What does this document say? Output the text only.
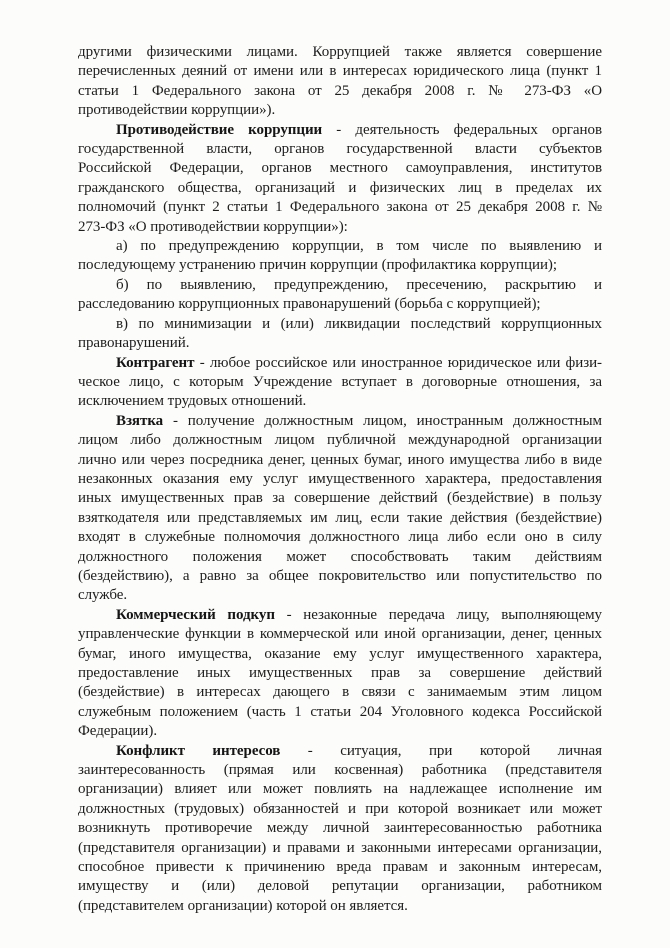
другими физическими лицами. Коррупцией также является совершение
перечисленных деяний от имени или в интересах юридического лица (пункт 1
статьи 1 Федерального закона от 25 декабря 2008 г. № 273-ФЗ «О
противодействии коррупции»).
Противодействие коррупции - деятельность федеральных органов
государственной власти, органов государственной власти субъектов
Российской Федерации, органов местного самоуправления, институтов
гражданского общества, организаций и физических лиц в пределах их
полномочий (пункт 2 статьи 1 Федерального закона от 25 декабря 2008 г. №
273-ФЗ «О противодействии коррупции»):
а) по предупреждению коррупции, в том числе по выявлению и
последующему устранению причин коррупции (профилактика коррупции);
б) по выявлению, предупреждению, пресечению, раскрытию и
расследованию коррупционных правонарушений (борьба с коррупцией);
в) по минимизации и (или) ликвидации последствий коррупционных
правонарушений.
Контрагент - любое российское или иностранное юридическое или физи-
ческое лицо, с которым Учреждение вступает в договорные отношения, за
исключением трудовых отношений.
Взятка - получение должностным лицом, иностранным должностным
лицом либо должностным лицом публичной международной организации
лично или через посредника денег, ценных бумаг, иного имущества либо в виде
незаконных оказания ему услуг имущественного характера, предоставления
иных имущественных прав за совершение действий (бездействие) в пользу
взяткодателя или представляемых им лиц, если такие действия (бездействие)
входят в служебные полномочия должностного лица либо если оно в силу
должностного положения может способствовать таким действиям
(бездействию), а равно за общее покровительство или попустительство по
службе.
Коммерческий подкуп - незаконные передача лицу, выполняющему
управленческие функции в коммерческой или иной организации, денег, ценных
бумаг, иного имущества, оказание ему услуг имущественного характера,
предоставление иных имущественных прав за совершение действий
(бездействие) в интересах дающего в связи с занимаемым этим лицом
служебным положением (часть 1 статьи 204 Уголовного кодекса Российской
Федерации).
Конфликт интересов - ситуация, при которой личная
заинтересованность (прямая или косвенная) работника (представителя
организации) влияет или может повлиять на надлежащее исполнение им
должностных (трудовых) обязанностей и при которой возникает или может
возникнуть противоречие между личной заинтересованностью работника
(представителя организации) и правами и законными интересами организации,
способное привести к причинению вреда правам и законным интересам,
имуществу и (или) деловой репутации организации, работником
(представителем организации) которой он является.
